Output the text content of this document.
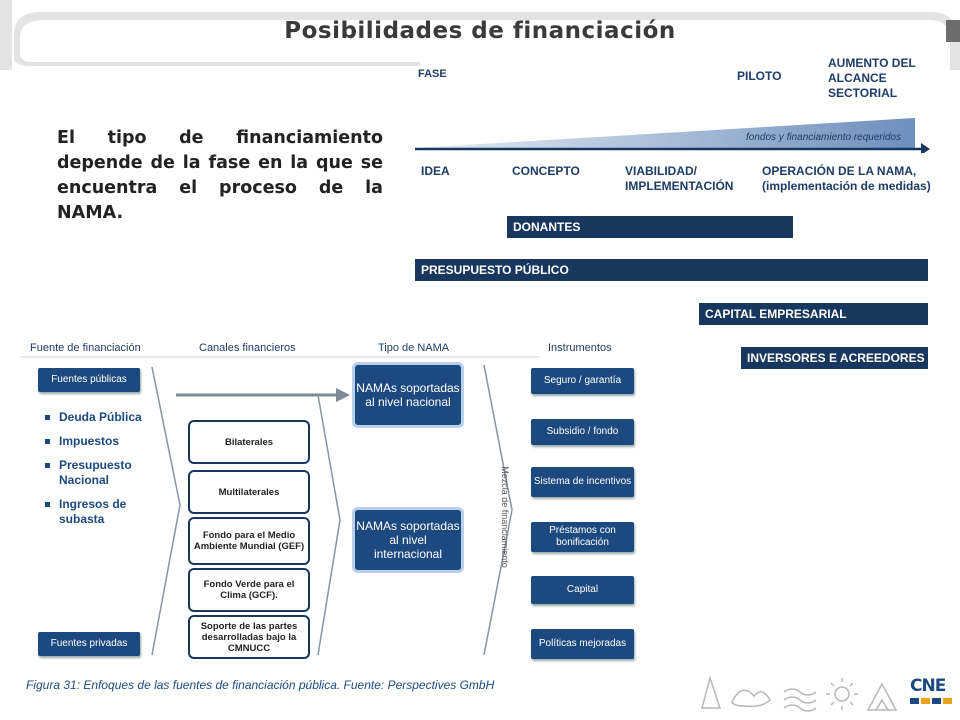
Posibilidades de financiación
El tipo de financiamiento depende de la fase en la que se encuentra el proceso de la NAMA.
FASE	PILOTO
AUMENTO DEL
ALCANCE
SECTORIAL
fondos y financiamiento requeridos
IDEA	CONCEPTO	VIABILIDAD/
IMPLEMENTACIÓN
OPERACIÓN DE LA NAMA,
(implementación de medidas)
DONANTES
PRESUPUESTO PÚBLICO
CAPITAL EMPRESARIAL
INVERSORES E ACREEDORES
Fuente de financiación	Canales financieros	Tipo de NAMA	Instrumentos
Fuentes públicas
Deuda Pública
Impuestos
Presupuesto Nacional
Ingresos de subasta
Fuentes privadas
Bilaterales
Multilaterales
Fondo para el Medio Ambiente Mundial (GEF)
Fondo Verde para el Clima (GCF).
Soporte de las partes desarrolladas bajo la CMNUCC
NAMAs soportadas al nivel nacional
NAMAs soportadas al nivel internacional	Mezcla de financiamiento
Seguro / garantía
Subsidio / fondo
Sistema de incentivos
Préstamos con bonificación
Capital
Políticas mejoradas
Figura 31: Enfoques de las fuentes de financiación pública. Fuente: Perspectives GmbH	CNE
